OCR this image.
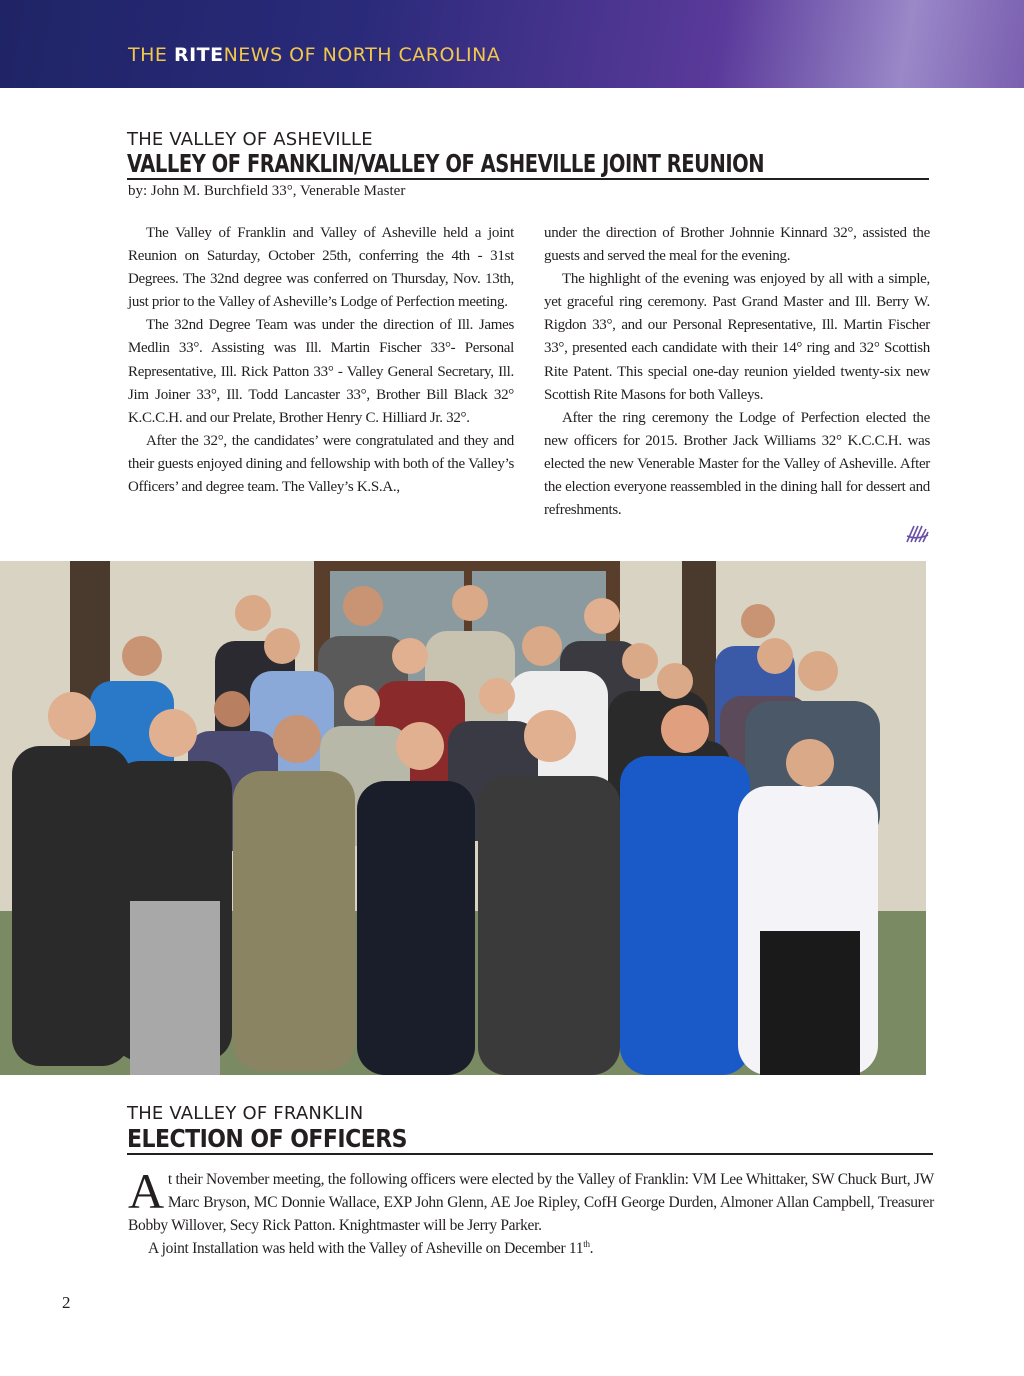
THE RITENEWS OF NORTH CAROLINA
THE VALLEY OF ASHEVILLE
VALLEY OF FRANKLIN/VALLEY OF ASHEVILLE JOINT REUNION
by: John M. Burchfield 33°, Venerable Master

The Valley of Franklin and Valley of Asheville held a joint Reunion on Saturday, October 25th, conferring the 4th - 31st Degrees. The 32nd degree was conferred on Thursday, Nov. 13th, just prior to the Valley of Asheville’s Lodge of Perfection meeting.

The 32nd Degree Team was under the direction of Ill. James Medlin 33°. Assisting was Ill. Martin Fischer 33°- Personal Representative, Ill. Rick Patton 33° - Valley General Secretary, Ill. Jim Joiner 33°, Ill. Todd Lancaster 33°, Brother Bill Black 32° K.C.C.H. and our Prelate, Brother Henry C. Hilliard Jr. 32°.

After the 32°, the candidates’ were congratulated and they and their guests enjoyed dining and fellowship with both of the Valley’s Officers’ and degree team. The Valley’s K.S.A.,

under the direction of Brother Johnnie Kinnard 32°, assisted the guests and served the meal for the evening.

The highlight of the evening was enjoyed by all with a simple, yet graceful ring ceremony. Past Grand Master and Ill. Berry W. Rigdon 33°, and our Personal Representative, Ill. Martin Fischer 33°, presented each candidate with their 14° ring and 32° Scottish Rite Patent. This special one-day reunion yielded twenty-six new Scottish Rite Masons for both Valleys.

After the ring ceremony the Lodge of Perfection elected the new officers for 2015. Brother Jack Williams 32° K.C.C.H. was elected the new Venerable Master for the Valley of Asheville. After the election everyone reassembled in the dining hall for dessert and refreshments.

THE VALLEY OF FRANKLIN
ELECTION OF OFFICERS

At their November meeting, the following officers were elected by the Valley of Franklin: VM Lee Whittaker, SW Chuck Burt, JW Marc Bryson, MC Donnie Wallace, EXP John Glenn, AE Joe Ripley, CofH George Durden, Almoner Allan Campbell, Treasurer Bobby Willover, Secy Rick Patton. Knightmaster will be Jerry Parker.

A joint Installation was held with the Valley of Asheville on December 11th.

2
